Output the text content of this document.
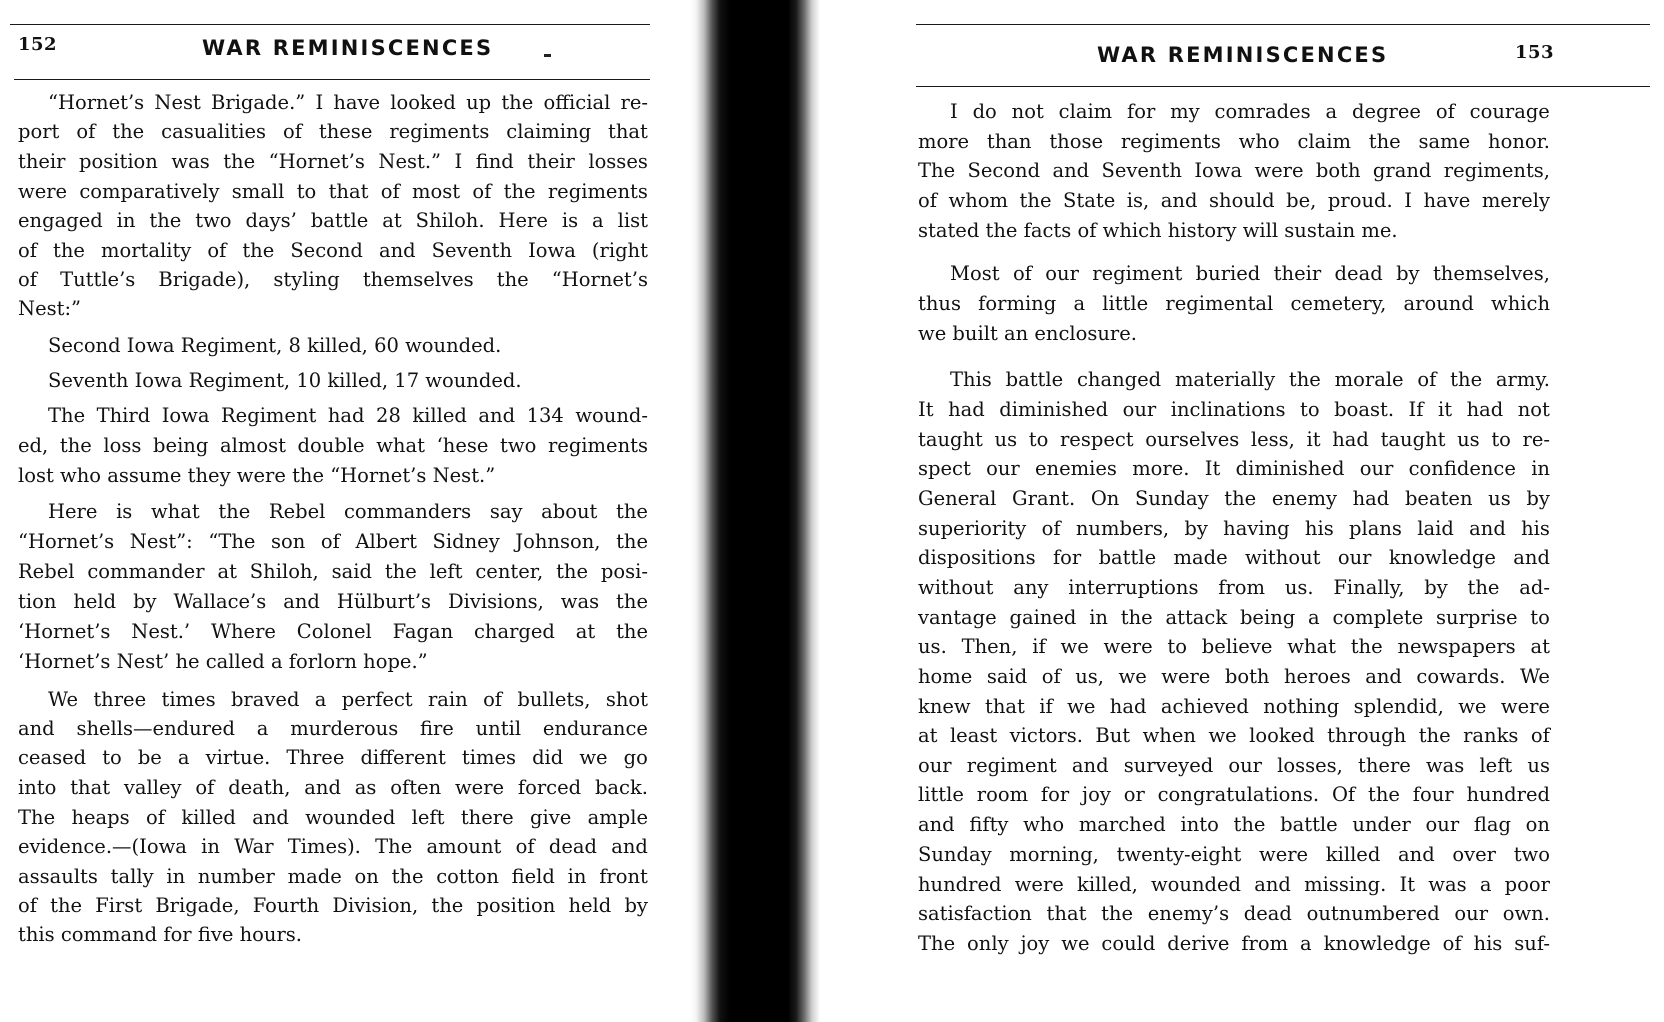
152	WAR REMINISCENCES
“Hornet’s Nest Brigade.” I have looked up the official re-
port of the casualities of these regiments claiming that
their position was the “Hornet’s Nest.” I find their losses
were comparatively small to that of most of the regiments
engaged in the two days’ battle at Shiloh. Here is a list
of the mortality of the Second and Seventh Iowa (right
of Tuttle’s Brigade), styling themselves the “Hornet’s
Nest:”
Second Iowa Regiment, 8 killed, 60 wounded.
Seventh Iowa Regiment, 10 killed, 17 wounded.
The Third Iowa Regiment had 28 killed and 134 wound-
ed, the loss being almost double what ‘hese two regiments
lost who assume they were the “Hornet’s Nest.”
Here is what the Rebel commanders say about the
“Hornet’s Nest”: “The son of Albert Sidney Johnson, the
Rebel commander at Shiloh, said the left center, the posi-
tion held by Wallace’s and Hülburt’s Divisions, was the
‘Hornet’s Nest.’ Where Colonel Fagan charged at the
‘Hornet’s Nest’ he called a forlorn hope.”
We three times braved a perfect rain of bullets, shot
and shells—endured a murderous fire until endurance
ceased to be a virtue. Three different times did we go
into that valley of death, and as often were forced back.
The heaps of killed and wounded left there give ample
evidence.—(Iowa in War Times). The amount of dead and
assaults tally in number made on the cotton field in front
of the First Brigade, Fourth Division, the position held by
this command for five hours.
WAR REMINISCENCES	153
I do not claim for my comrades a degree of courage
more than those regiments who claim the same honor.
The Second and Seventh Iowa were both grand regiments,
of whom the State is, and should be, proud. I have merely
stated the facts of which history will sustain me.
Most of our regiment buried their dead by themselves,
thus forming a little regimental cemetery, around which
we built an enclosure.
This battle changed materially the morale of the army.
It had diminished our inclinations to boast. If it had not
taught us to respect ourselves less, it had taught us to re-
spect our enemies more. It diminished our confidence in
General Grant. On Sunday the enemy had beaten us by
superiority of numbers, by having his plans laid and his
dispositions for battle made without our knowledge and
without any interruptions from us. Finally, by the ad-
vantage gained in the attack being a complete surprise to
us. Then, if we were to believe what the newspapers at
home said of us, we were both heroes and cowards. We
knew that if we had achieved nothing splendid, we were
at least victors. But when we looked through the ranks of
our regiment and surveyed our losses, there was left us
little room for joy or congratulations. Of the four hundred
and fifty who marched into the battle under our flag on
Sunday morning, twenty-eight were killed and over two
hundred were killed, wounded and missing. It was a poor
satisfaction that the enemy’s dead outnumbered our own.
The only joy we could derive from a knowledge of his suf-
